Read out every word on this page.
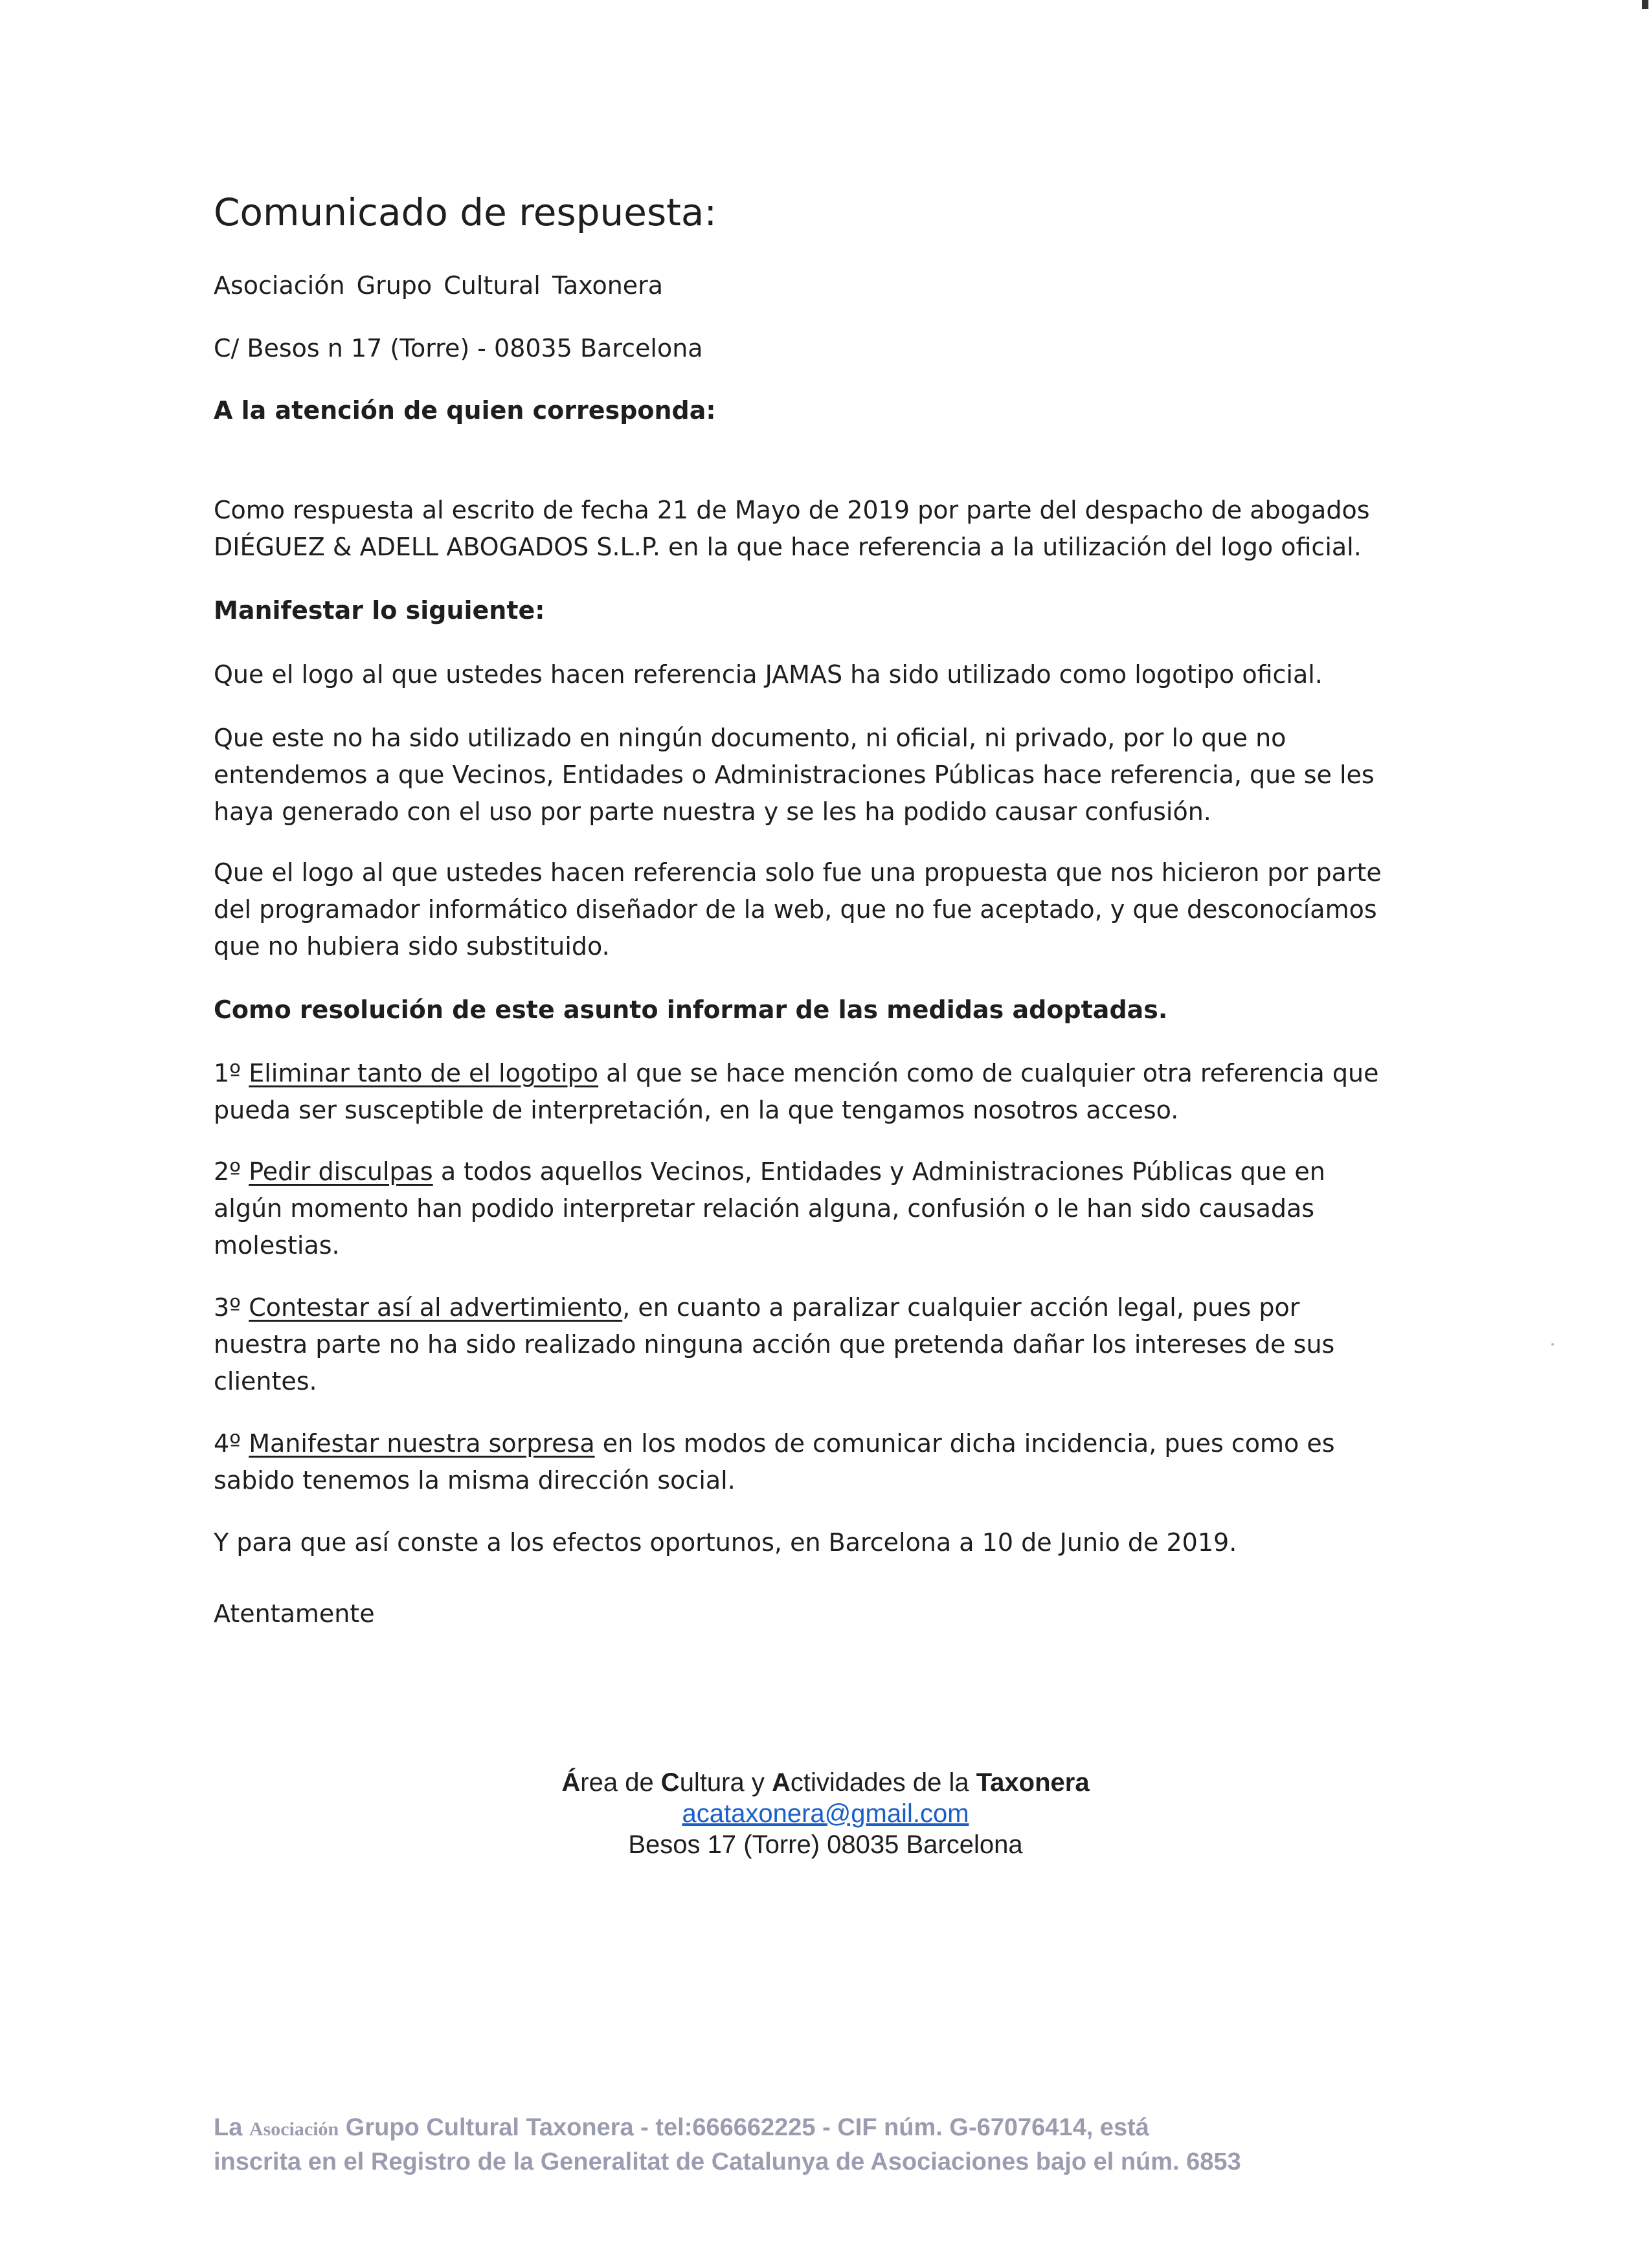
Comunicado de respuesta:

Asociación Grupo Cultural Taxonera

C/ Besos n 17 (Torre) - 08035 Barcelona

A la atención de quien corresponda:

Como respuesta al escrito de fecha 21 de Mayo de 2019 por parte del despacho de abogados
DIÉGUEZ & ADELL ABOGADOS S.L.P. en la que hace referencia a la utilización del logo oficial.

Manifestar lo siguiente:

Que el logo al que ustedes hacen referencia JAMAS ha sido utilizado como logotipo oficial.

Que este no ha sido utilizado en ningún documento, ni oficial, ni privado, por lo que no
entendemos a que Vecinos, Entidades o Administraciones Públicas hace referencia, que se les
haya generado con el uso por parte nuestra y se les ha podido causar confusión.
Que el logo al que ustedes hacen referencia solo fue una propuesta que nos hicieron por parte
del programador informático diseñador de la web, que no fue aceptado, y que desconocíamos
que no hubiera sido substituido.

Como resolución de este asunto informar de las medidas adoptadas.

1º Eliminar tanto de el logotipo al que se hace mención como de cualquier otra referencia que
pueda ser susceptible de interpretación, en la que tengamos nosotros acceso.
2º Pedir disculpas a todos aquellos Vecinos, Entidades y Administraciones Públicas que en
algún momento han podido interpretar relación alguna, confusión o le han sido causadas
molestias.
3º Contestar así al advertimiento, en cuanto a paralizar cualquier acción legal, pues por
nuestra parte no ha sido realizado ninguna acción que pretenda dañar los intereses de sus
clientes.
4º Manifestar nuestra sorpresa en los modos de comunicar dicha incidencia, pues como es
sabido tenemos la misma dirección social.

Y para que así conste a los efectos oportunos, en Barcelona a 10 de Junio de 2019.

Atentamente

Área de Cultura y Actividades de la Taxonera
acataxonera@gmail.com
Besos 17 (Torre) 08035 Barcelona
La Asociación Grupo Cultural Taxonera - tel:666662225 - CIF núm. G-67076414, está
inscrita en el Registro de la Generalitat de Catalunya de Asociaciones bajo el núm. 6853
